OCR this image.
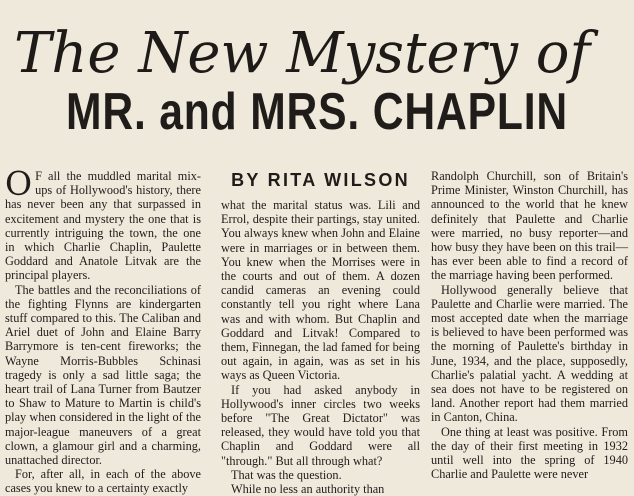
The New Mystery of
MR. and MRS. CHAPLIN

O F all the muddled marital mix-ups of Hollywood's history, there has never been any that surpassed in excitement and mystery the one that is currently intriguing the town, the one in which Charlie Chaplin, Paulette Goddard and Anatole Litvak are the principal players.

The battles and the reconciliations of the fighting Flynns are kindergarten stuff compared to this. The Caliban and Ariel duet of John and Elaine Barry Barrymore is ten-cent fireworks; the Wayne Morris-Bubbles Schinasi tragedy is only a sad little saga; the heart trail of Lana Turner from Bautzer to Shaw to Mature to Martin is child's play when considered in the light of the major-league maneuvers of a great clown, a glamour girl and a charming, unattached director.

For, after all, in each of the above cases you knew to a certainty exactly

BY RITA WILSON

what the marital status was. Lili and Errol, despite their partings, stay united. You always knew when John and Elaine were in marriages or in between them. You knew when the Morrises were in the courts and out of them. A dozen candid cameras an evening could constantly tell you right where Lana was and with whom. But Chaplin and Goddard and Litvak! Compared to them, Finnegan, the lad famed for being out again, in again, was as set in his ways as Queen Victoria.

If you had asked anybody in Hollywood's inner circles two weeks before "The Great Dictator" was released, they would have told you that Chaplin and Goddard were all "through." But all through what?

That was the question.

While no less an authority than

Randolph Churchill, son of Britain's Prime Minister, Winston Churchill, has announced to the world that he knew definitely that Paulette and Charlie were married, no busy reporter—and how busy they have been on this trail—has ever been able to find a record of the marriage having been performed.

Hollywood generally believe that Paulette and Charlie were married. The most accepted date when the marriage is believed to have been performed was the morning of Paulette's birthday in June, 1934, and the place, supposedly, Charlie's palatial yacht. A wedding at sea does not have to be registered on land. Another report had them married in Canton, China.

One thing at least was positive. From the day of their first meeting in 1932 until well into the spring of 1940 Charlie and Paulette were never
